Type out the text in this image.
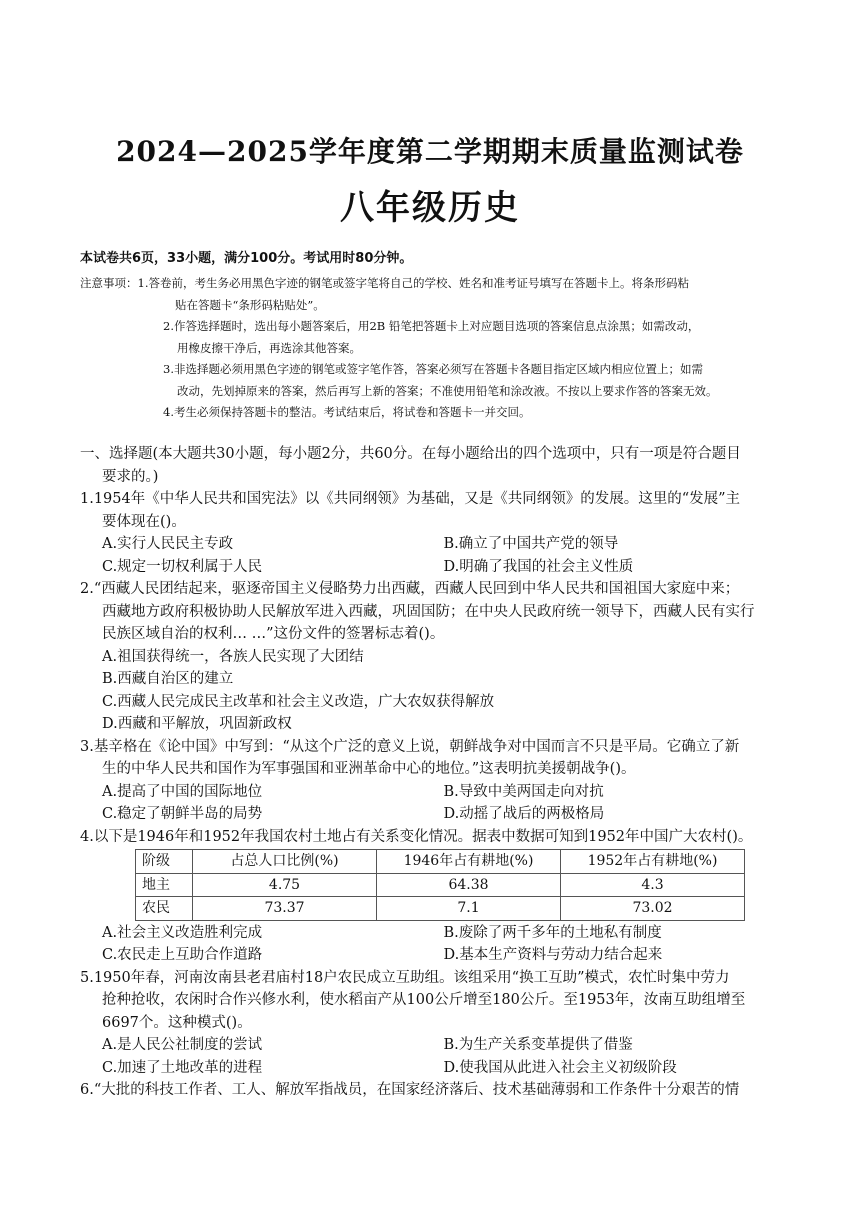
2024—2025学年度第二学期期末质量监测试卷
八年级历史
本试卷共6页，33小题，满分100分。考试用时80分钟。
注意事项：1.答卷前，考生务必用黑色字迹的钢笔或签字笔将自己的学校、姓名和准考证号填写在答题卡上。将条形码粘
贴在答题卡“条形码粘贴处”。
2.作答选择题时，选出每小题答案后，用2B 铅笔把答题卡上对应题目选项的答案信息点涂黑；如需改动，
用橡皮擦干净后，再选涂其他答案。
3.非选择题必须用黑色字迹的钢笔或签字笔作答，答案必须写在答题卡各题目指定区域内相应位置上；如需
改动，先划掉原来的答案，然后再写上新的答案；不准使用铅笔和涂改液。不按以上要求作答的答案无效。
4.考生必须保持答题卡的整洁。考试结束后，将试卷和答题卡一并交回。
一、选择题(本大题共30小题，每小题2分，共60分。在每小题给出的四个选项中，只有一项是符合题目
要求的。)
1.1954年《中华人民共和国宪法》以《共同纲领》为基础，又是《共同纲领》的发展。这里的“发展”主
要体现在()。
A.实行人民民主专政	B.确立了中国共产党的领导
C.规定一切权利属于人民	D.明确了我国的社会主义性质
2.“西藏人民团结起来，驱逐帝国主义侵略势力出西藏，西藏人民回到中华人民共和国祖国大家庭中来；
西藏地方政府积极协助人民解放军进入西藏，巩固国防；在中央人民政府统一领导下，西藏人民有实行
民族区域自治的权利… …”这份文件的签署标志着()。
A.祖国获得统一，各族人民实现了大团结
B.西藏自治区的建立
C.西藏人民完成民主改革和社会主义改造，广大农奴获得解放
D.西藏和平解放，巩固新政权
3.基辛格在《论中国》中写到：“从这个广泛的意义上说，朝鲜战争对中国而言不只是平局。它确立了新
生的中华人民共和国作为军事强国和亚洲革命中心的地位。”这表明抗美援朝战争()。
A.提高了中国的国际地位	B.导致中美两国走向对抗
C.稳定了朝鲜半岛的局势	D.动摇了战后的两极格局
4.以下是1946年和1952年我国农村土地占有关系变化情况。据表中数据可知到1952年中国广大农村()。
阶级	占总人口比例(%)	1946年占有耕地(%)	1952年占有耕地(%)
地主	4.75	64.38	4.3
农民	73.37	7.1	73.02
A.社会主义改造胜利完成	B.废除了两千多年的土地私有制度
C.农民走上互助合作道路	D.基本生产资料与劳动力结合起来
5.1950年春，河南汝南县老君庙村18户农民成立互助组。该组采用“换工互助”模式，农忙时集中劳力
抢种抢收，农闲时合作兴修水利，使水稻亩产从100公斤增至180公斤。至1953年，汝南互助组增至
6697个。这种模式()。
A.是人民公社制度的尝试	B.为生产关系变革提供了借鉴
C.加速了土地改革的进程	D.使我国从此进入社会主义初级阶段
6.“大批的科技工作者、工人、解放军指战员，在国家经济落后、技术基础薄弱和工作条件十分艰苦的情
